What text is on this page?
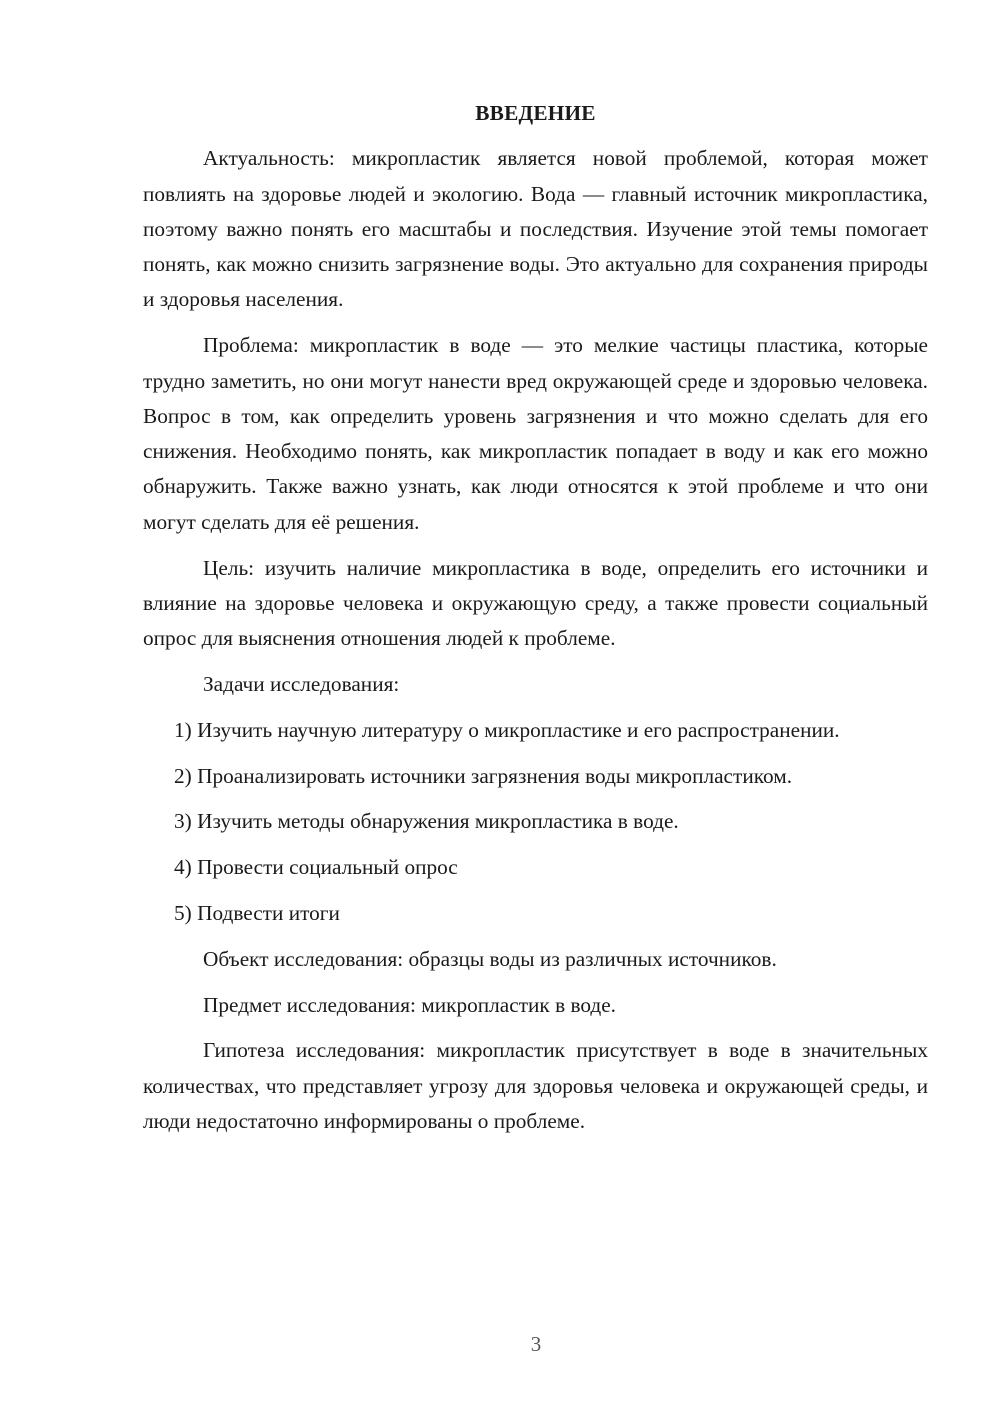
ВВЕДЕНИЕ

Актуальность: микропластик является новой проблемой, которая может повлиять на здоровье людей и экологию. Вода — главный источник микропластика, поэтому важно понять его масштабы и последствия. Изучение этой темы помогает понять, как можно снизить загрязнение воды. Это актуально для сохранения природы и здоровья населения.

Проблема: микропластик в воде — это мелкие частицы пластика, которые трудно заметить, но они могут нанести вред окружающей среде и здоровью человека. Вопрос в том, как определить уровень загрязнения и что можно сделать для его снижения. Необходимо понять, как микропластик попадает в воду и как его можно обнаружить. Также важно узнать, как люди относятся к этой проблеме и что они могут сделать для её решения.

Цель: изучить наличие микропластика в воде, определить его источники и влияние на здоровье человека и окружающую среду, а также провести социальный опрос для выяснения отношения людей к проблеме.

Задачи исследования:

1) Изучить научную литературу о микропластике и его распространении.

2) Проанализировать источники загрязнения воды микропластиком.

3) Изучить методы обнаружения микропластика в воде.

4) Провести социальный опрос

5) Подвести итоги

Объект исследования: образцы воды из различных источников.

Предмет исследования: микропластик в воде.

Гипотеза исследования: микропластик присутствует в воде в значительных количествах, что представляет угрозу для здоровья человека и окружающей среды, и люди недостаточно информированы о проблеме.

3
